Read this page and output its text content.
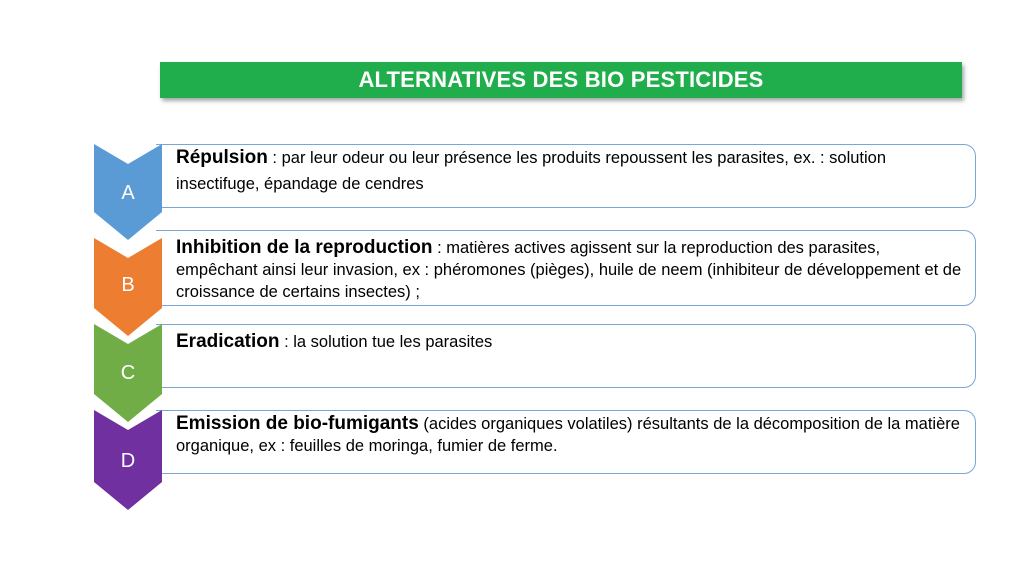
ALTERNATIVES DES BIO PESTICIDES
A
Répulsion : par leur odeur ou leur présence les produits repoussent les parasites, ex. : solution insectifuge, épandage de cendres
B
Inhibition de la reproduction : matières actives agissent sur la reproduction des parasites, empêchant ainsi leur invasion, ex : phéromones (pièges), huile de neem (inhibiteur de développement et de croissance de certains insectes) ;
C
Eradication : la solution tue les parasites
D
Emission de bio-fumigants (acides organiques volatiles) résultants de la décomposition de la matière organique, ex : feuilles de moringa, fumier de ferme.
